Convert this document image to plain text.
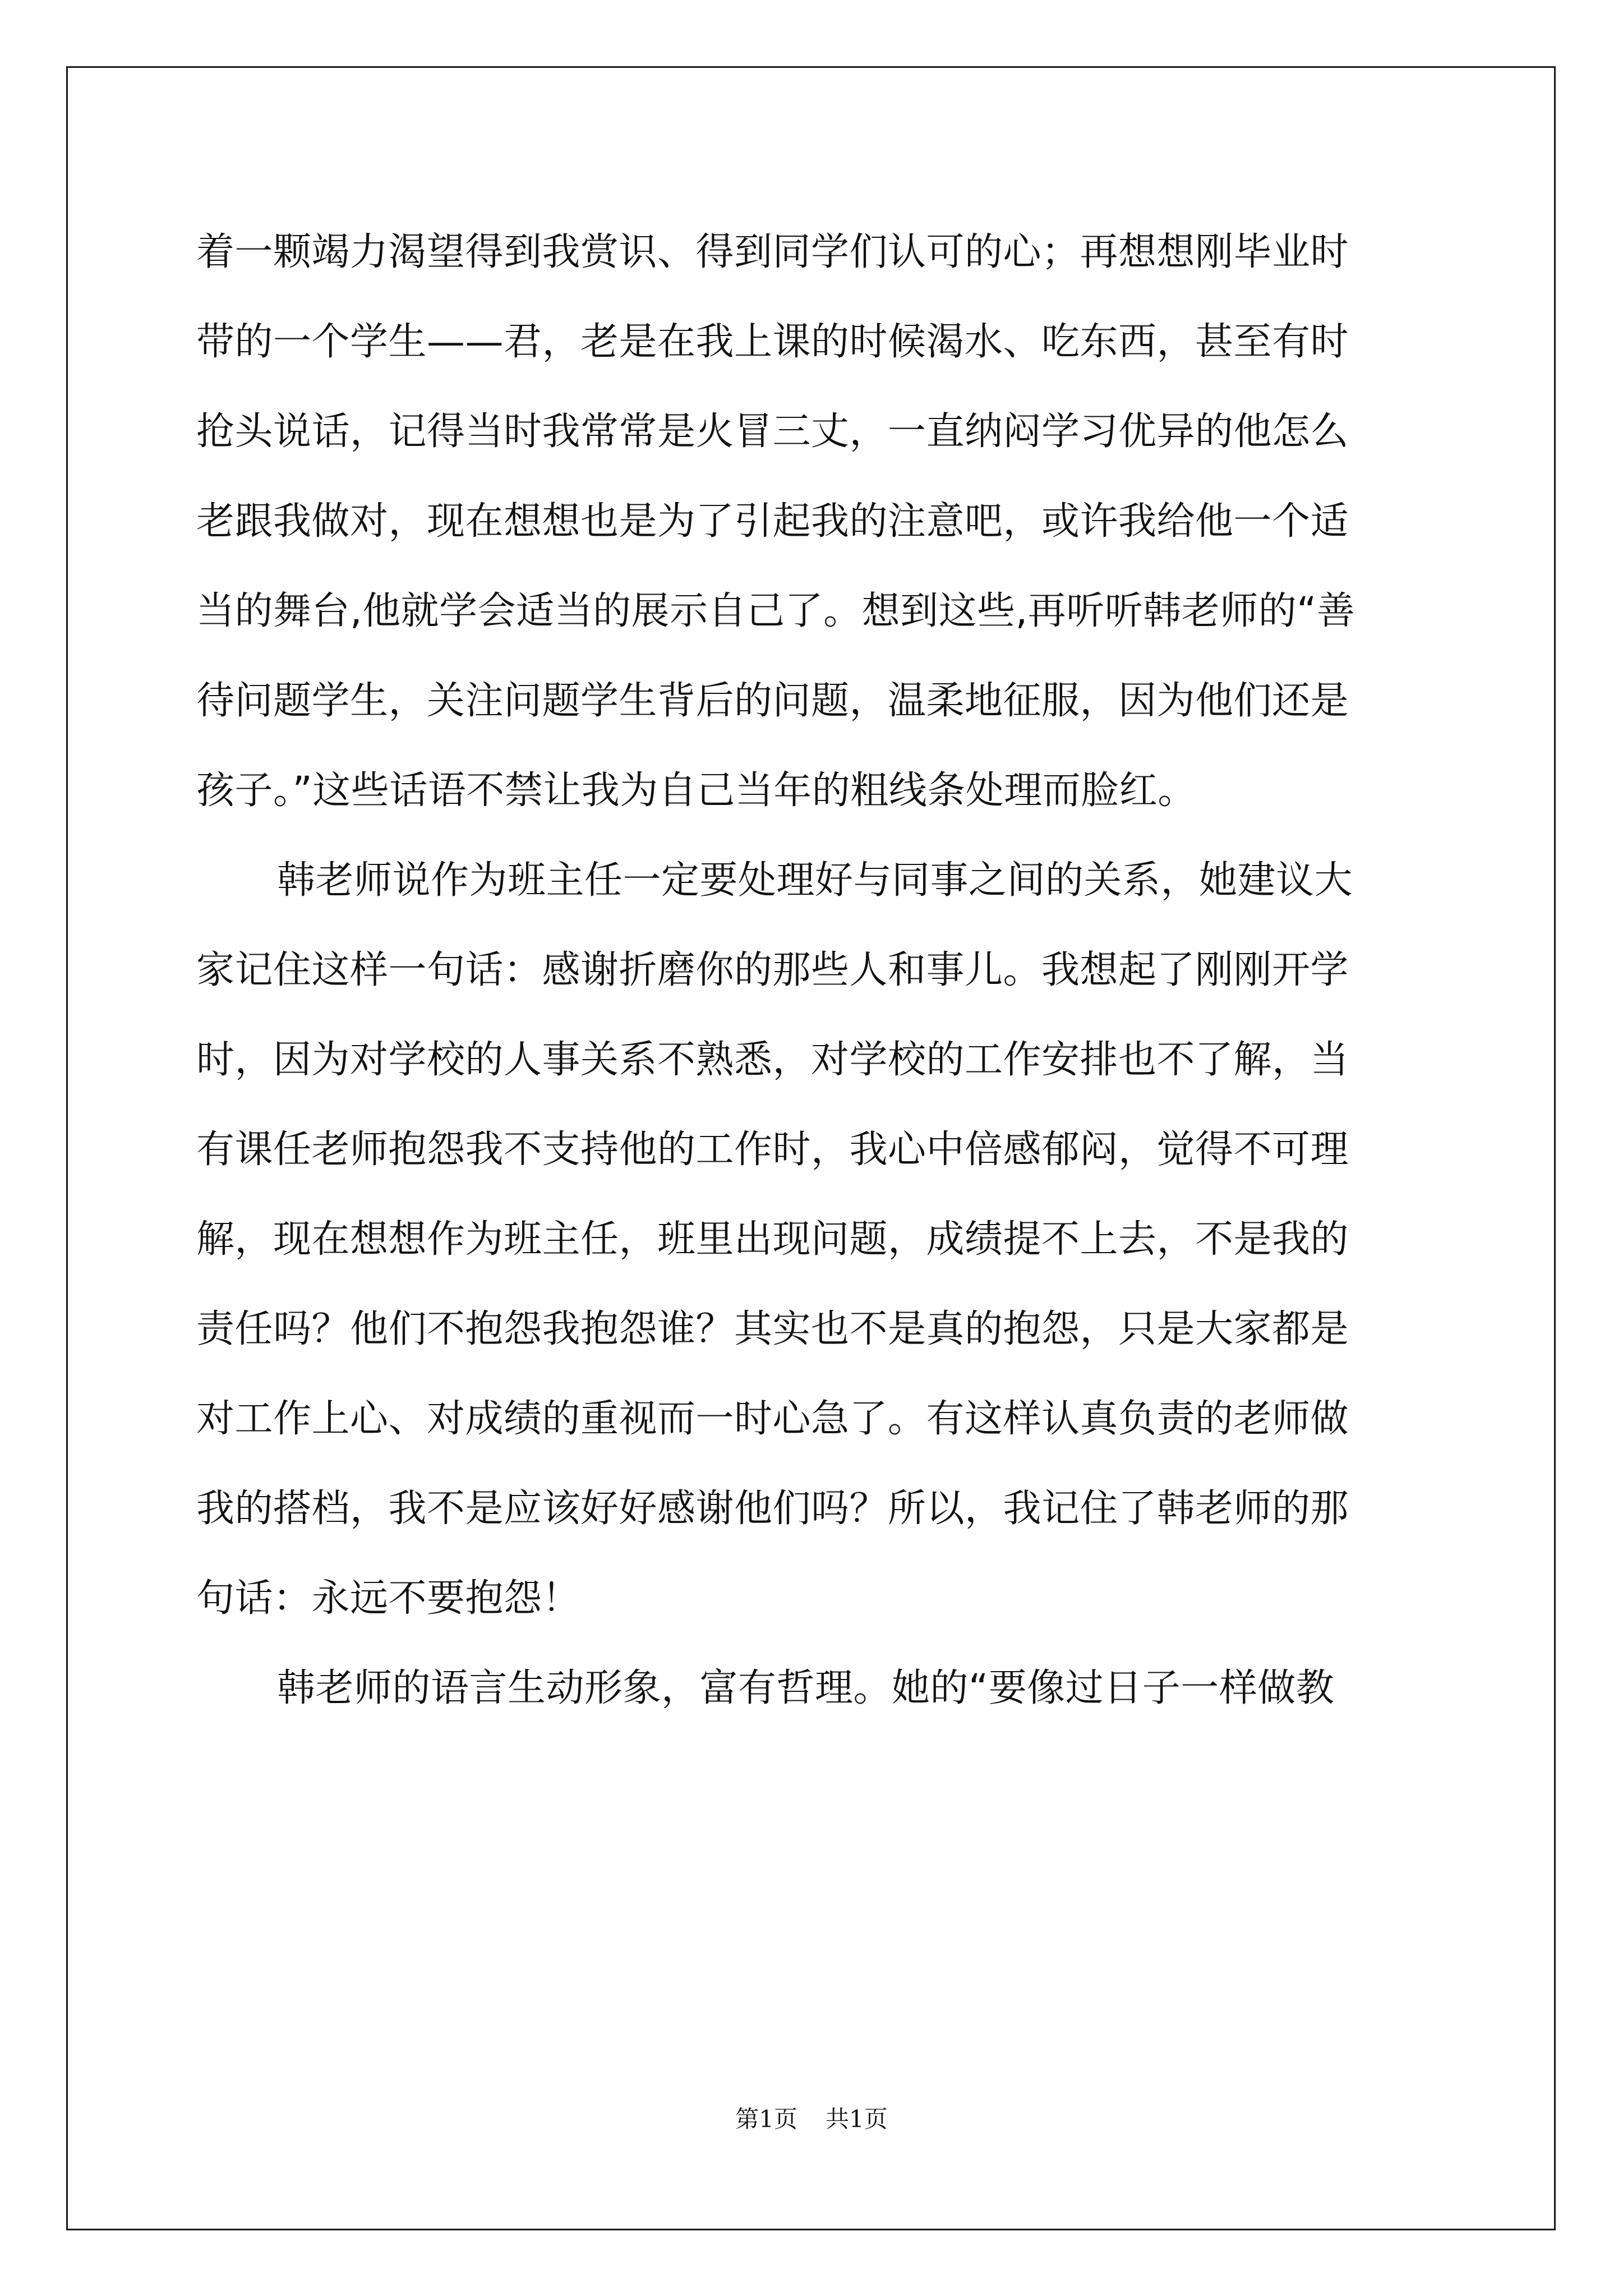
着一颗竭力渴望得到我赏识、得到同学们认可的心；再想想刚毕业时
带的一个学生——君，老是在我上课的时候渴水、吃东西，甚至有时
抢头说话，记得当时我常常是火冒三丈，一直纳闷学习优异的他怎么
老跟我做对，现在想想也是为了引起我的注意吧，或许我给他一个适
当的舞台,他就学会适当的展示自己了。想到这些,再听听韩老师的“善
待问题学生，关注问题学生背后的问题，温柔地征服，因为他们还是
孩子。”这些话语不禁让我为自己当年的粗线条处理而脸红。
韩老师说作为班主任一定要处理好与同事之间的关系，她建议大
家记住这样一句话：感谢折磨你的那些人和事儿。我想起了刚刚开学
时，因为对学校的人事关系不熟悉，对学校的工作安排也不了解，当
有课任老师抱怨我不支持他的工作时，我心中倍感郁闷，觉得不可理
解，现在想想作为班主任，班里出现问题，成绩提不上去，不是我的
责任吗？他们不抱怨我抱怨谁？其实也不是真的抱怨，只是大家都是
对工作上心、对成绩的重视而一时心急了。有这样认真负责的老师做
我的搭档，我不是应该好好感谢他们吗？所以，我记住了韩老师的那
句话：永远不要抱怨！
韩老师的语言生动形象，富有哲理。她的“要像过日子一样做教
第1页 共1页
